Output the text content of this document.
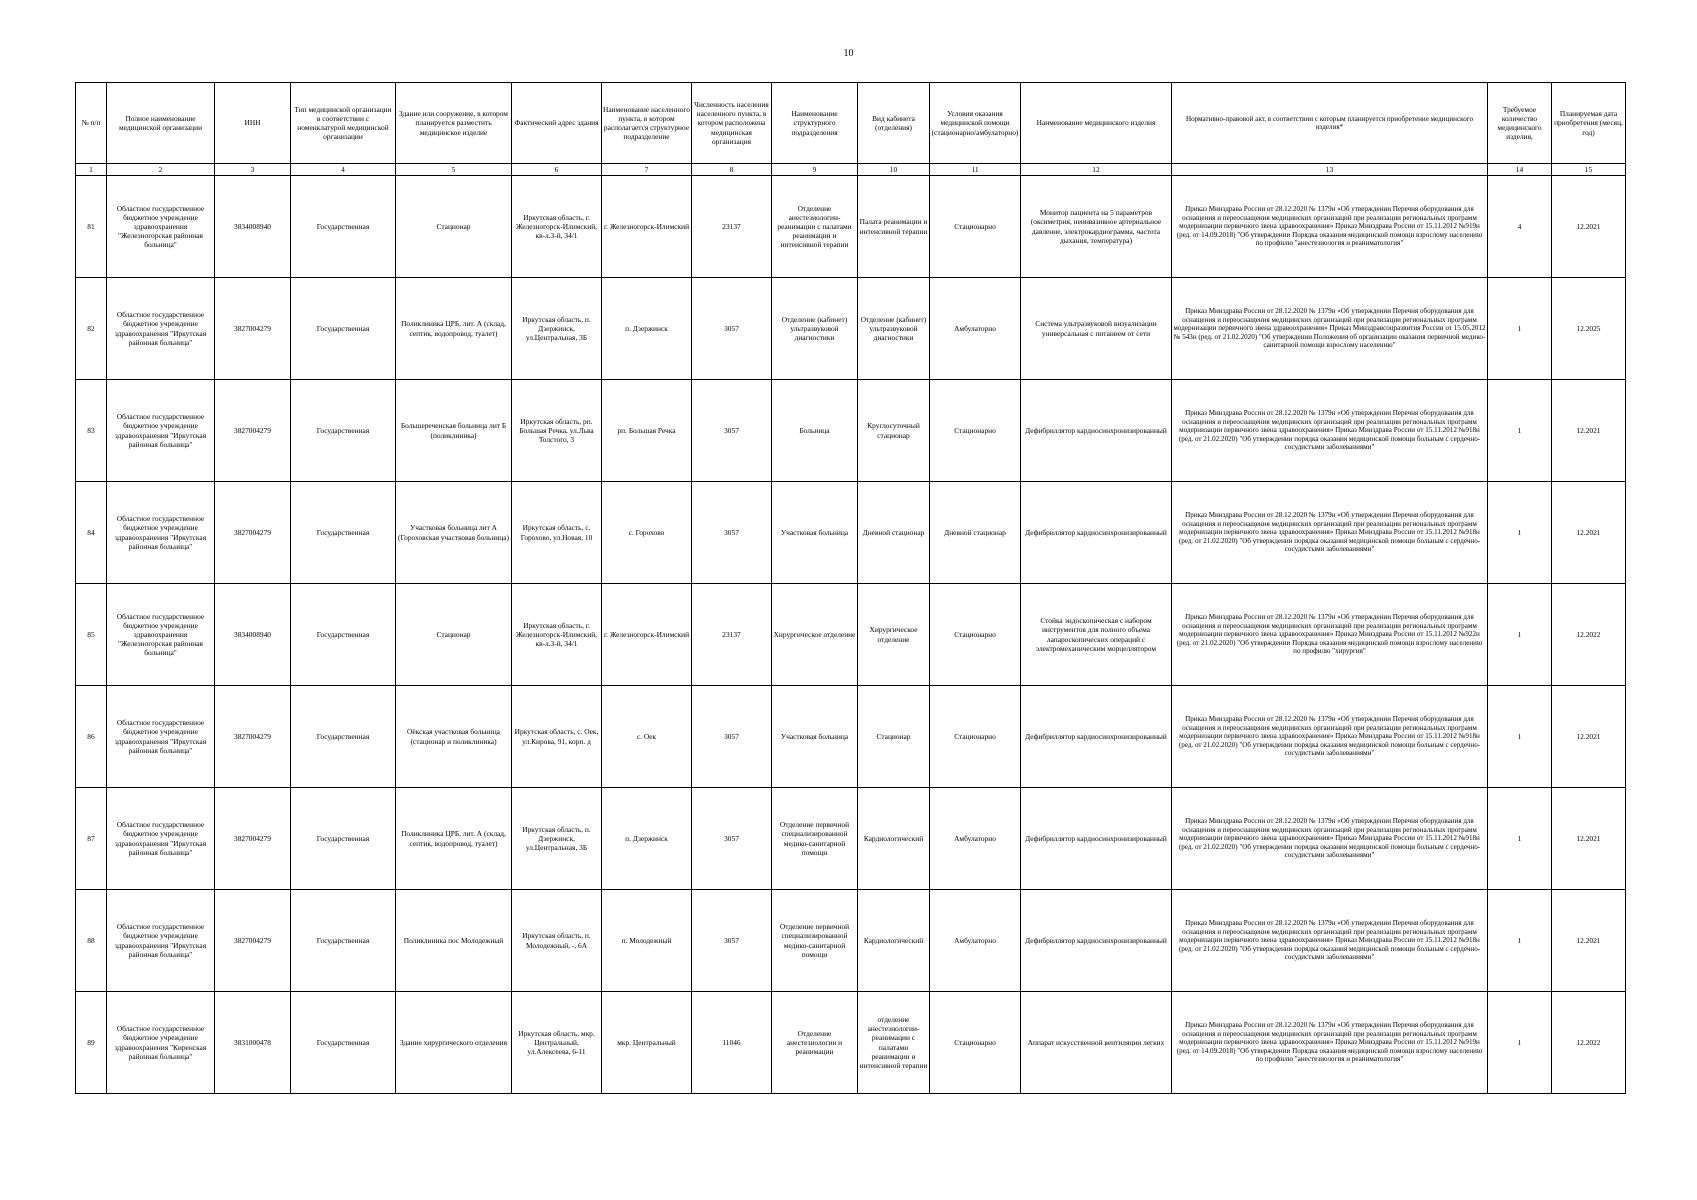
10
№ п/п	Полное наименование медицинской организации	ИНН	Тип медицинской организации в соответствии с номенклатурой медицинской организации	Здание или сооружение, в котором планируется разместить медицинское изделие	Фактический адрес здания	Наименование населенного пункта, в котором располагается структурное подразделение	Численность населения населенного пункта, в котором расположена медицинская организация	Наименование структурного подразделения	Вид кабинета (отделения)	Условия оказания медицинской помощи (стационарно/амбулаторно)	Наименование медицинского изделия	Нормативно-правовой акт, в соответствии с которым планируется приобретение медицинского изделия*	Требуемое количество медицинского изделия,	Планируемая дата приобретения (месяц, год)
1	2	3	4	5	6	7	8	9	10	11	12	13	14	15
81	Областное государственное бюджетное учреждение здравоохранения "Железногорская районная больница"	3834008940	Государственная	Стационар	Иркутская область, г. Железногорск-Илимский, кв-л.3-й, 34/1	г. Железногорск-Илимский	23137	Отделение анестезиологии-реанимации с палатами реанимации и интенсивной терапии	Палата реанимации и интенсивной терапии	Стационарно	Монитор пациента на 5 параметров (оксиметрия, неинвазивное артериальное давление, электрокардиограмма, частота дыхания, температура)	Приказ Минздрава России от 28.12.2020 № 1379н «Об утверждении Перечня оборудования для оснащения и переоснащения медицинских организаций при реализации региональных программ модернизации первичного звена здравоохранения» Приказ Минздрава России от 15.11.2012 №919н (ред. от 14.09.2018) "Об утверждении Порядка оказания медицинской помощи взрослому населению по профилю "анестезиология и реаниматология"	4	12.2021
82	Областное государственное бюджетное учреждение здравоохранения "Иркутская районная больница"	3827004279	Государственная	Поликлиника ЦРБ, лит. А (склад, септик, водопровод, туалет)	Иркутская область, п. Дзержинск, ул.Центральная, 3Б	п. Дзержинск	3057	Отделение (кабинет) ультразвуковой диагностики	Отделение (кабинет) ультразвуковой диагностики	Амбулаторно	Система ультразвуковой визуализации универсальная с питанием от сети	Приказ Минздрава России от 28.12.2020 № 1379н «Об утверждении Перечня оборудования для оснащения и переоснащения медицинских организаций при реализации региональных программ модернизации первичного звена здравоохранения» Приказ Минздравсоцразвития России от 15.05.2012 № 543н (ред. от 21.02.2020) "Об утверждении Положения об организации оказания первичной медико-санитарной помощи взрослому населению"	1	12.2025
83	Областное государственное бюджетное учреждение здравоохранения "Иркутская районная больница"	3827004279	Государственная	Большереченская больница лит Б (поликлиника)	Иркутская область, рп. Большая Речка, ул.Льва Толстого, 3	рп. Большая Речка	3057	Больница	Круглосуточный стационар	Стационарно	Дефибриллятор кардиосинхронизированный	Приказ Минздрава России от 28.12.2020 № 1379н «Об утверждении Перечня оборудования для оснащения и переоснащения медицинских организаций при реализации региональных программ модернизации первичного звена здравоохранения» Приказ Минздрава России от 15.11.2012 №918н (ред. от 21.02.2020) "Об утверждении порядка оказания медицинской помощи больным с сердечно-сосудистыми заболеваниями"	1	12.2021
84	Областное государственное бюджетное учреждение здравоохранения "Иркутская районная больница"	3827004279	Государственная	Участковая больница лит А (Гороховская участковая больница)	Иркутская область, с. Горохово, ул.Новая, 10	с. Горохово	3057	Участковая больница	Дневной стационар	Дневной стационар	Дефибриллятор кардиосинхронизированный	Приказ Минздрава России от 28.12.2020 № 1379н «Об утверждении Перечня оборудования для оснащения и переоснащения медицинских организаций при реализации региональных программ модернизации первичного звена здравоохранения» Приказ Минздрава России от 15.11.2012 №918н (ред. от 21.02.2020) "Об утверждении порядка оказания медицинской помощи больным с сердечно-сосудистыми заболеваниями"	1	12.2021
85	Областное государственное бюджетное учреждение здравоохранения "Железногорская районная больница"	3834008940	Государственная	Стационар	Иркутская область, г. Железногорск-Илимский, кв-л.3-й, 34/1	г. Железногорск-Илимский	23137	Хирургическое отделение	Хирургическое отделение	Стационарно	Стойка эндоскопическая с набором инструментов для полного объема лапароскопических операций с электромеханическим морцеллятором	Приказ Минздрава России от 28.12.2020 № 1379н «Об утверждении Перечня оборудования для оснащения и переоснащения медицинских организаций при реализации региональных программ модернизации первичного звена здравоохранения» Приказ Минздрава России от 15.11.2012 №922н (ред. от 21.02.2020) "Об утверждении Порядка оказания медицинской помощи взрослому населению по профилю "хирургия"	1	12.2022
86	Областное государственное бюджетное учреждение здравоохранения "Иркутская районная больница"	3827004279	Государственная	Оёкская участковая больница (стационар и поликлиника)	Иркутская область, с. Оек, ул.Кирова, 91, корп. д	с. Оек	3057	Участковая больница	Стационар	Стационарно	Дефибриллятор кардиосинхронизированный	Приказ Минздрава России от 28.12.2020 № 1379н «Об утверждении Перечня оборудования для оснащения и переоснащения медицинских организаций при реализации региональных программ модернизации первичного звена здравоохранения» Приказ Минздрава России от 15.11.2012 №918н (ред. от 21.02.2020) "Об утверждении порядка оказания медицинской помощи больным с сердечно-сосудистыми заболеваниями"	1	12.2021
87	Областное государственное бюджетное учреждение здравоохранения "Иркутская районная больница"	3827004279	Государственная	Поликлиника ЦРБ, лит. А (склад, септик, водопровод, туалет)	Иркутская область, п. Дзержинск, ул.Центральная, 3Б	п. Дзержинск	3057	Отделение первичной специализированной медико-санитарной помощи	Кардиологический	Амбулаторно	Дефибриллятор кардиосинхронизированный	Приказ Минздрава России от 28.12.2020 № 1379н «Об утверждении Перечня оборудования для оснащения и переоснащения медицинских организаций при реализации региональных программ модернизации первичного звена здравоохранения» Приказ Минздрава России от 15.11.2012 №918н (ред. от 21.02.2020) "Об утверждении порядка оказания медицинской помощи больным с сердечно-сосудистыми заболеваниями"	1	12.2021
88	Областное государственное бюджетное учреждение здравоохранения "Иркутская районная больница"	3827004279	Государственная	Поликлиника пос Молодежный	Иркутская область, п. Молодежный, -, 6А	п. Молодежный	3057	Отделение первичной специализированной медико-санитарной помощи	Кардиологический	Амбулаторно	Дефибриллятор кардиосинхронизированный	Приказ Минздрава России от 28.12.2020 № 1379н «Об утверждении Перечня оборудования для оснащения и переоснащения медицинских организаций при реализации региональных программ модернизации первичного звена здравоохранения» Приказ Минздрава России от 15.11.2012 №918н (ред. от 21.02.2020) "Об утверждении порядка оказания медицинской помощи больным с сердечно-сосудистыми заболеваниями"	1	12.2021
89	Областное государственное бюджетное учреждение здравоохранения "Киренская районная больница"	3831000478	Государственная	Здание хирургического отделения	Иркутская область, мкр. Центральный, ул.Алексеева, 6-11	мкр. Центральный	11046	Отделение анестезиологии и реанимации	отделение анестезиологии-реанимации с палатами реанимации и интенсивной терапии	Стационарно	Аппарат искусственной вентиляции легких	Приказ Минздрава России от 28.12.2020 № 1379н «Об утверждении Перечня оборудования для оснащения и переоснащения медицинских организаций при реализации региональных программ модернизации первичного звена здравоохранения» Приказ Минздрава России от 15.11.2012 №919н (ред. от 14.09.2018) "Об утверждении Порядка оказания медицинской помощи взрослому населению по профилю "анестезиология и реаниматология"	1	12.2022
